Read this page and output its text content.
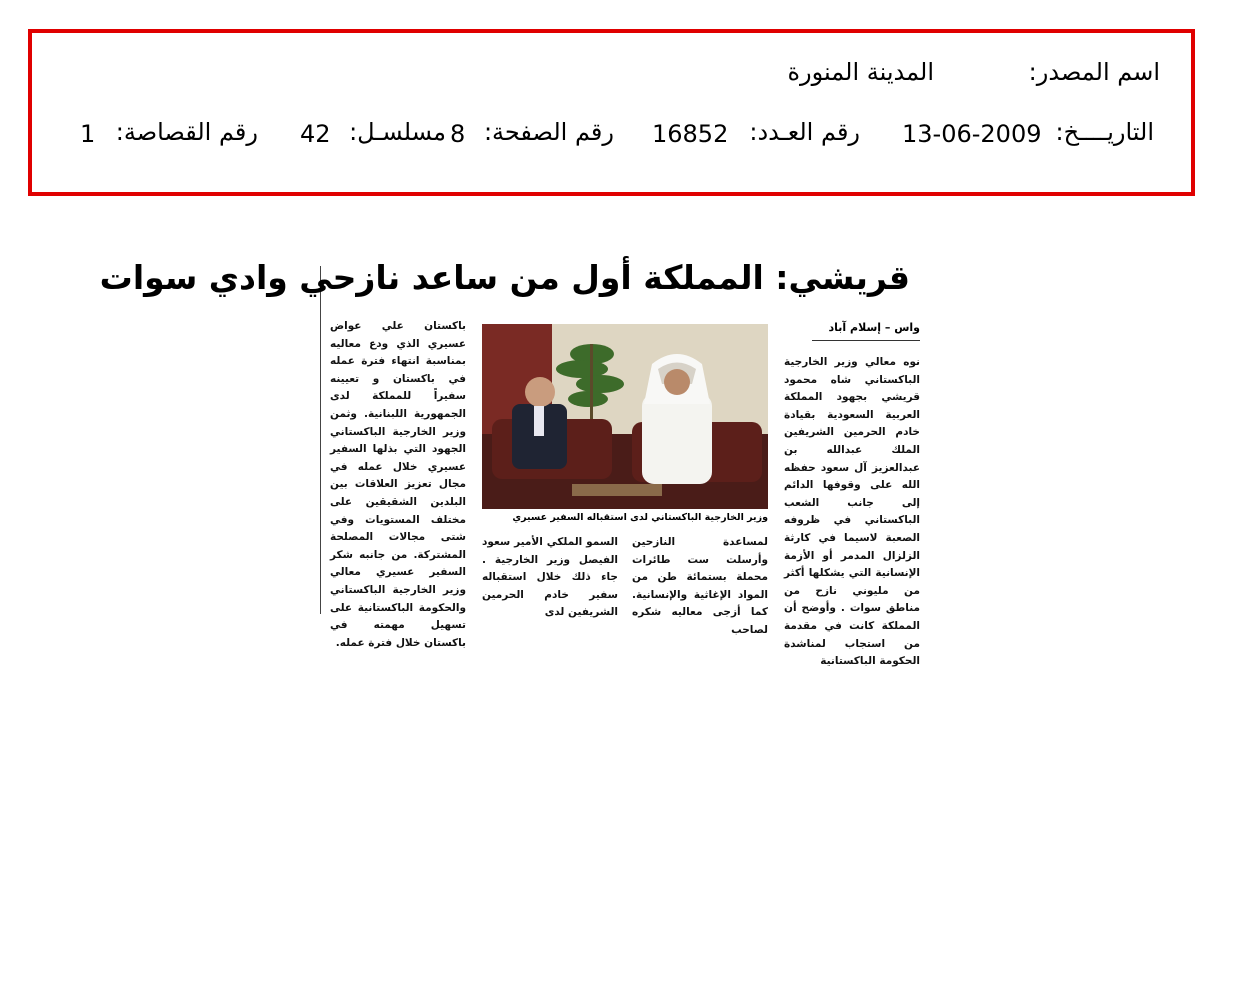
اسم المصدر:
المدينة المنورة
التاريــــخ:
13-06-2009
رقم العـدد:
16852
رقم الصفحة:
8
مسلسـل:
42
رقم القصاصة:
1
قريشي: المملكة أول من ساعد نازحي وادي سوات
واس – إسلام آباد

نوه معالي وزير الخارجية الباكستاني شاه محمود قريشي بجهود المملكة العربية السعودية بقيادة خادم الحرمين الشريفين الملك عبدالله بن عبدالعزيز آل سعود حفظه الله على وقوفها الدائم إلى جانب الشعب الباكستاني في ظروفه الصعبة لاسيما في كارثة الزلزال المدمر أو الأزمة الإنسانية التي يشكلها أكثر من مليوني نازح من مناطق سوات . وأوضح أن المملكة كانت في مقدمة من استجاب لمناشدة الحكومة الباكستانية

وزير الخارجية الباكستاني لدى استقباله السفير عسيري

لمساعدة النازحين وأرسلت ست طائرات محملة بستمائة طن من المواد الإغاثية والإنسانية. كما أزجى معاليه شكره لصاحب

السمو الملكي الأمير سعود الفيصل وزير الخارجية . جاء ذلك خلال استقباله سفير خادم الحرمين الشريفين لدى

باكستان علي عواض عسيري الذي ودع معاليه بمناسبة انتهاء فترة عمله في باكستان و تعيينه سفيراً للمملكة لدى الجمهورية اللبنانية. وثمن وزير الخارجية الباكستاني الجهود التي بذلها السفير عسيري خلال عمله في مجال تعزيز العلاقات بين البلدين الشقيقين على مختلف المستويات وفي شتى مجالات المصلحة المشتركة. من جانبه شكر السفير عسيري معالي وزير الخارجية الباكستاني والحكومة الباكستانية على تسهيل مهمته في باكستان خلال فترة عمله.
